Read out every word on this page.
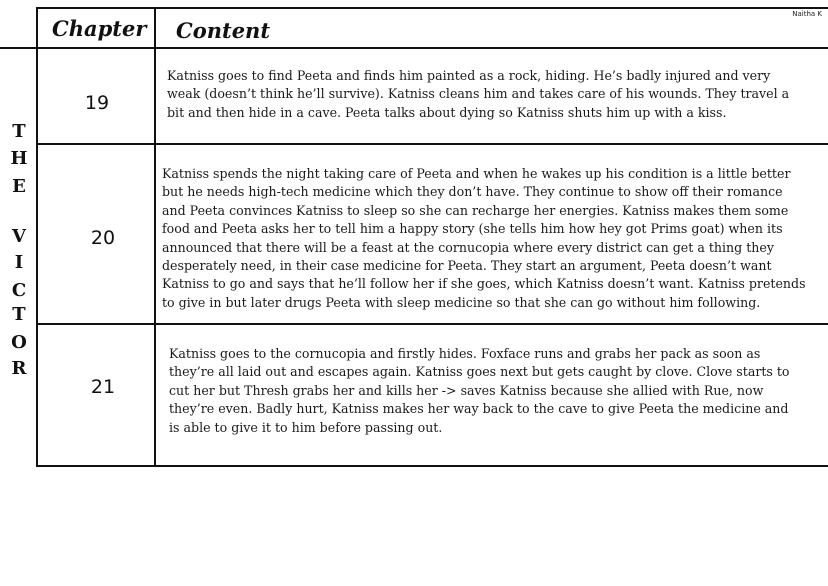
Naitha K
Chapter Content
T
H
E
V
I
C
T
O
R
19
Katniss goes to find Peeta and finds him painted as a rock, hiding. He’s badly injured and very
weak (doesn’t think he’ll survive). Katniss cleans him and takes care of his wounds. They travel a
bit and then hide in a cave. Peeta talks about dying so Katniss shuts him up with a kiss.
20
Katniss spends the night taking care of Peeta and when he wakes up his condition is a little better
but he needs high-tech medicine which they don’t have. They continue to show off their romance
and Peeta convinces Katniss to sleep so she can recharge her energies. Katniss makes them some
food and Peeta asks her to tell him a happy story (she tells him how hey got Prims goat) when its
announced that there will be a feast at the cornucopia where every district can get a thing they
desperately need, in their case medicine for Peeta. They start an argument, Peeta doesn’t want
Katniss to go and says that he’ll follow her if she goes, which Katniss doesn’t want. Katniss pretends
to give in but later drugs Peeta with sleep medicine so that she can go without him following.
21
Katniss goes to the cornucopia and firstly hides. Foxface runs and grabs her pack as soon as
they’re all laid out and escapes again. Katniss goes next but gets caught by clove. Clove starts to
cut her but Thresh grabs her and kills her -> saves Katniss because she allied with Rue, now
they’re even. Badly hurt, Katniss makes her way back to the cave to give Peeta the medicine and
is able to give it to him before passing out.
